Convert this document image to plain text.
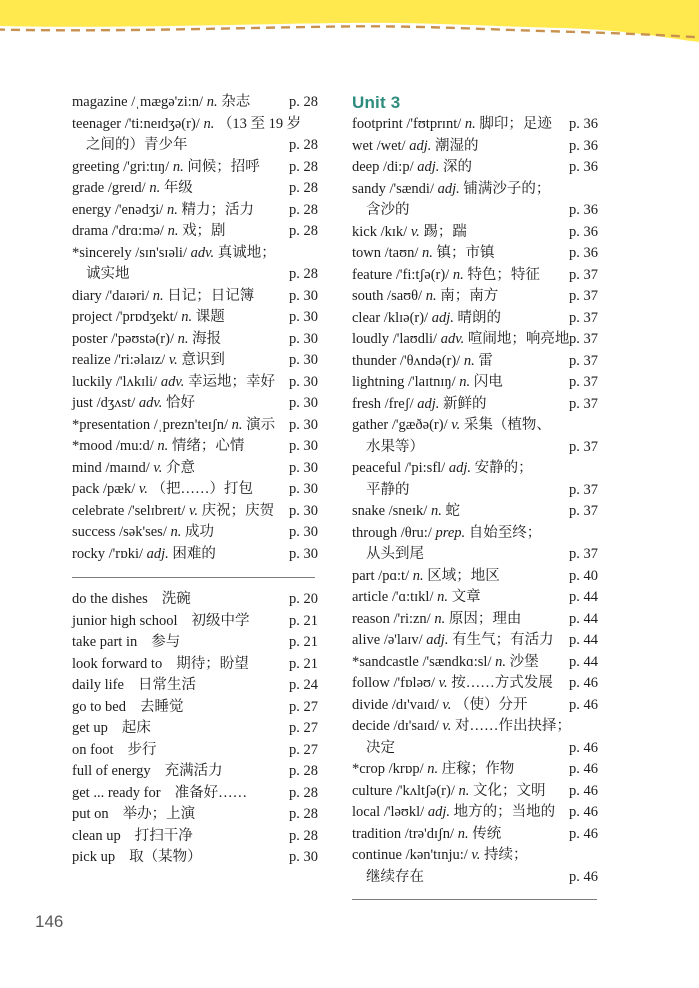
magazine /ˌmægə'zi:n/ n. 杂志	p. 28
teenager /'ti:neɪdʒə(r)/ n. （13 至 19 岁
之间的）青少年	p. 28
greeting /'gri:tɪŋ/ n. 问候；招呼	p. 28
grade /greɪd/ n. 年级	p. 28
energy /'enədʒi/ n. 精力；活力	p. 28
drama /'drɑ:mə/ n. 戏；剧	p. 28
*sincerely /sɪn'sɪəli/ adv. 真诚地；
诚实地	p. 28
diary /'daɪəri/ n. 日记；日记簿	p. 30
project /'prɒdʒekt/ n. 课题	p. 30
poster /'pəʊstə(r)/ n. 海报	p. 30
realize /'ri:əlaɪz/ v. 意识到	p. 30
luckily /'lʌkɪli/ adv. 幸运地；幸好 p. 30
just /dʒʌst/ adv. 恰好	p. 30
*presentation /ˌprezn'teɪʃn/ n. 演示 p. 30
*mood /mu:d/ n. 情绪；心情	p. 30
mind /maɪnd/ v. 介意	p. 30
pack /pæk/ v. （把……）打包	p. 30
celebrate /'selɪbreɪt/ v. 庆祝；庆贺	p. 30
success /sək'ses/ n. 成功	p. 30
rocky /'rɒki/ adj. 困难的	p. 30
do the dishes 洗碗	p. 20
junior high school 初级中学	p. 21
take part in 参与	p. 21
look forward to 期待；盼望	p. 21
daily life 日常生活	p. 24
go to bed 去睡觉	p. 27
get up 起床	p. 27
on foot 步行	p. 27
full of energy 充满活力	p. 28
get ... ready for 准备好……	p. 28
put on 举办；上演	p. 28
clean up 打扫干净	p. 28
pick up 取（某物）	p. 30
Unit 3
footprint /'fʊtprɪnt/ n. 脚印；足迹	p. 36
wet /wet/ adj. 潮湿的	p. 36
deep /di:p/ adj. 深的	p. 36
sandy /'sændi/ adj. 铺满沙子的；
含沙的	p. 36
kick /kɪk/ v. 踢；踹	p. 36
town /taʊn/ n. 镇；市镇	p. 36
feature /'fi:tʃə(r)/ n. 特色；特征	p. 37
south /saʊθ/ n. 南；南方	p. 37
clear /klɪə(r)/ adj. 晴朗的	p. 37
loudly /'laʊdli/ adv. 喧闹地；响亮地 p. 37
thunder /'θʌndə(r)/ n. 雷	p. 37
lightning /'laɪtnɪŋ/ n. 闪电	p. 37
fresh /freʃ/ adj. 新鲜的	p. 37
gather /'gæðə(r)/ v. 采集（植物、
水果等）	p. 37
peaceful /'pi:sfl/ adj. 安静的；
平静的	p. 37
snake /sneɪk/ n. 蛇	p. 37
through /θru:/ prep. 自始至终；
从头到尾	p. 37
part /pɑ:t/ n. 区域；地区	p. 40
article /'ɑ:tɪkl/ n. 文章	p. 44
reason /'ri:zn/ n. 原因；理由	p. 44
alive /ə'laɪv/ adj. 有生气；有活力	p. 44
*sandcastle /'sændkɑ:sl/ n. 沙堡	p. 44
follow /'fɒləʊ/ v. 按……方式发展	p. 46
divide /dɪ'vaɪd/ v. （使）分开	p. 46
decide /dɪ'saɪd/ v. 对……作出抉择；
决定	p. 46
*crop /krɒp/ n. 庄稼；作物	p. 46
culture /'kʌltʃə(r)/ n. 文化；文明	p. 46
local /'ləʊkl/ adj. 地方的；当地的 p. 46
tradition /trə'dɪʃn/ n. 传统	p. 46
continue /kən'tɪnju:/ v. 持续；
继续存在	p. 46
146
